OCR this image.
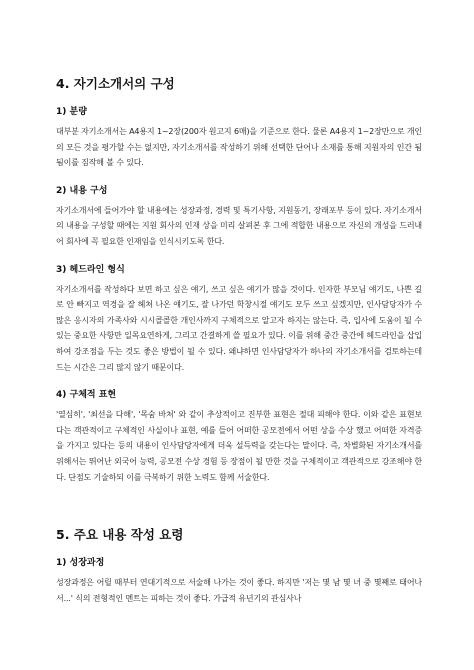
4. 자기소개서의 구성
1) 분량

대부분 자기소개서는 A4용지 1~2장(200자 원고지 6매)을 기준으로 한다. 물론 A4용지 1~2장만으로 개인의 모든 것을 평가할 수는 없지만, 자기소개서를 작성하기 위해 선택한 단어나 소재를 통해 지원자의 인간 됨됨이를 짐작해 볼 수 있다.

2) 내용 구성

자기소개서에 들어가야 할 내용에는 성장과정, 경력 및 특기사항, 지원동기, 장래포부 등이 있다. 자기소개서의 내용을 구성할 때에는 지원 회사의 인재 상을 미리 살펴본 후 그에 적합한 내용으로 자신의 개성을 드러내어 회사에 꼭 필요한 인재임을 인식시키도록 한다.

3) 헤드라인 형식

자기소개서를 작성하다 보면 하고 싶은 얘기, 쓰고 싶은 얘기가 많을 것이다. 인자한 부모님 얘기도, 나쁜 길로 안 빠지고 역경을 잘 헤쳐 나온 얘기도, 잘 나가던 학창시절 얘기도 모두 쓰고 싶겠지만, 인사담당자가 수많은 응시자의 가족사와 시시콜콜한 개인사까지 구체적으로 알고자 하지는 않는다. 즉, 입사에 도움이 될 수 있는 중요한 사항만 일목요연하게, 그리고 간결하게 쓸 필요가 있다. 이를 위해 중간 중간에 헤드라인을 삽입하여 강조점을 두는 것도 좋은 방법이 될 수 있다. 왜냐하면 인사담당자가 하나의 자기소개서를 검토하는데 드는 시간은 그리 많지 않기 때문이다.

4) 구체적 표현

'열심히', '최선을 다해', '목숨 바쳐' 와 같이 추상적이고 진부한 표현은 절대 피해야 한다. 이와 같은 표현보다는 객관적이고 구체적인 사실이나 표현, 예를 들어 어떠한 공모전에서 어떤 상을 수상 했고 어떠한 자격증을 가지고 있다는 등의 내용이 인사담당자에게 더욱 설득력을 갖는다는 말이다. 즉, 차별화된 자기소개서를 위해서는 뛰어난 외국어 능력, 공모전 수상 경험 등 장점이 될 만한 것을 구체적이고 객관적으로 강조해야 한다. 단점도 기술하되 이를 극복하기 위한 노력도 함께 서술한다.

5. 주요 내용 작성 요령
1) 성장과정

성장과정은 어릴 때부터 연대기적으로 서술해 나가는 것이 좋다. 하지만 '저는 몇 남 몇 녀 중 몇째로 태어나서...' 식의 전형적인 멘트는 피하는 것이 좋다. 가급적 유년기의 관심사나
